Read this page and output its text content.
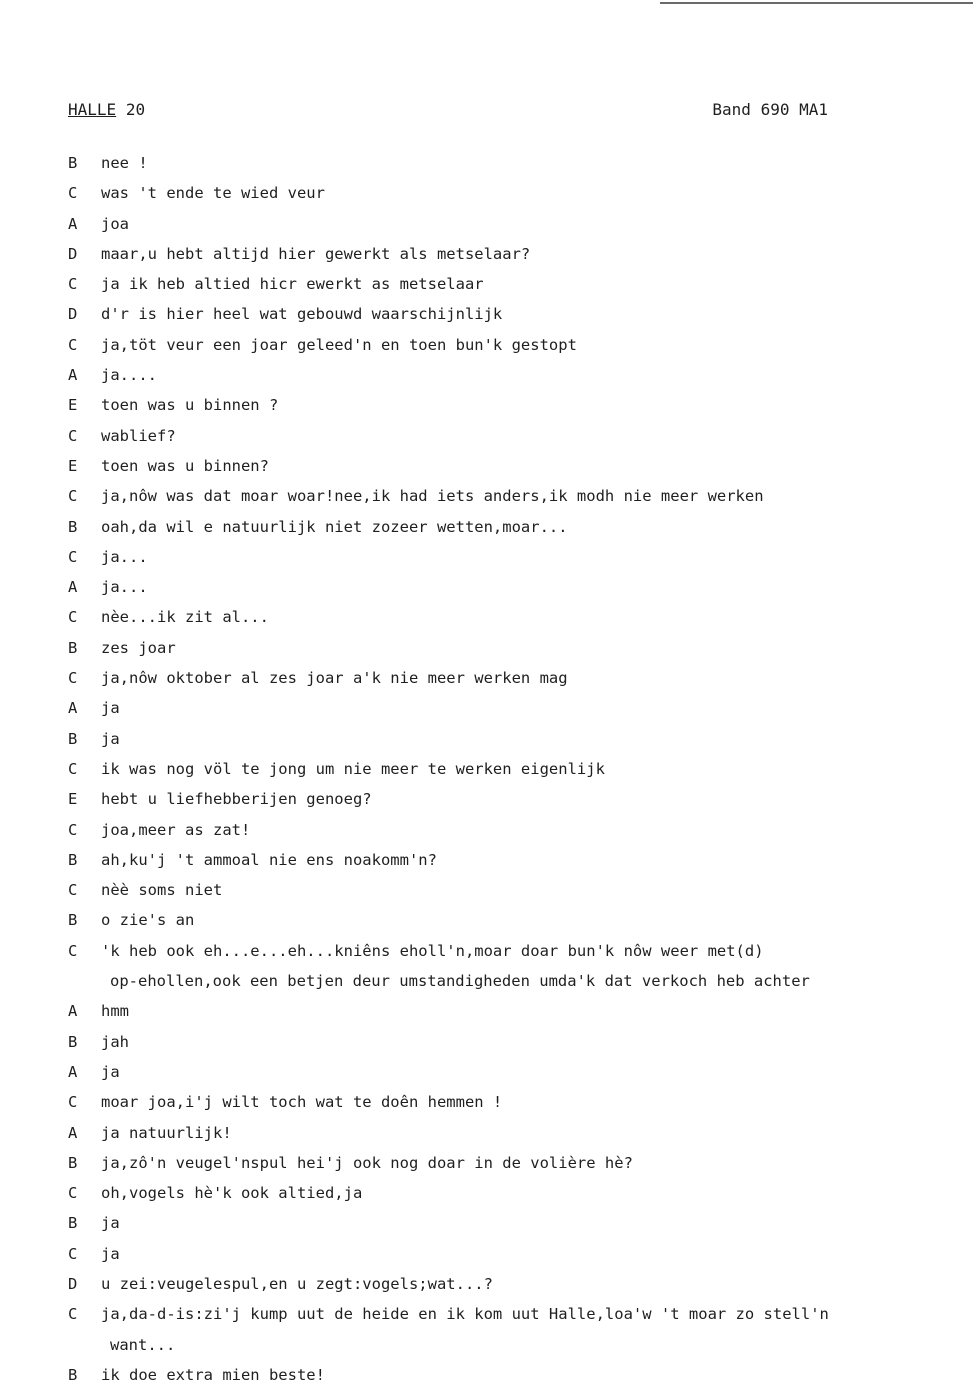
HALLE 20	Band 690 MA1
B	nee !
C	was 't ende te wied veur
A	joa
D	maar,u hebt altijd hier gewerkt als metselaar?
C	ja ik heb altied hicr ewerkt as metselaar
D	d'r is hier heel wat gebouwd waarschijnlijk
C	ja,töt veur een joar geleed'n en toen bun'k gestopt
A	ja....
E	toen was u binnen ?
C	wablief?
E	toen was u binnen?
C	ja,nôw was dat moar woar!nee,ik had iets anders,ik modh nie meer werken
B	oah,da wil e natuurlijk niet zozeer wetten,moar...
C	ja...
A	ja...
C	nèe...ik zit al...
B	zes joar
C	ja,nôw oktober al zes joar a'k nie meer werken mag
A	ja
B	ja
C	ik was nog völ te jong um nie meer te werken eigenlijk
E	hebt u liefhebberijen genoeg?
C	joa,meer as zat!
B	ah,ku'j 't ammoal nie ens noakomm'n?
C	nèè soms niet
B	o zie's an
C	'k heb ook eh...e...eh...kniêns eholl'n,moar doar bun'k nôw weer met(d)
op-ehollen,ook een betjen deur umstandigheden umda'k dat verkoch heb achter
A	hmm
B	jah
A	ja
C	moar joa,i'j wilt toch wat te doên hemmen !
A	ja natuurlijk!
B	ja,zô'n veugel'nspul hei'j ook nog doar in de volière hè?
C	oh,vogels hè'k ook altied,ja
B	ja
C	ja
D	u zei:veugelespul,en u zegt:vogels;wat...?
C	ja,da-d-is:zi'j kump uut de heide en ik kom uut Halle,loa'w 't moar zo stell'n
want...
B	ik doe extra mien beste!
